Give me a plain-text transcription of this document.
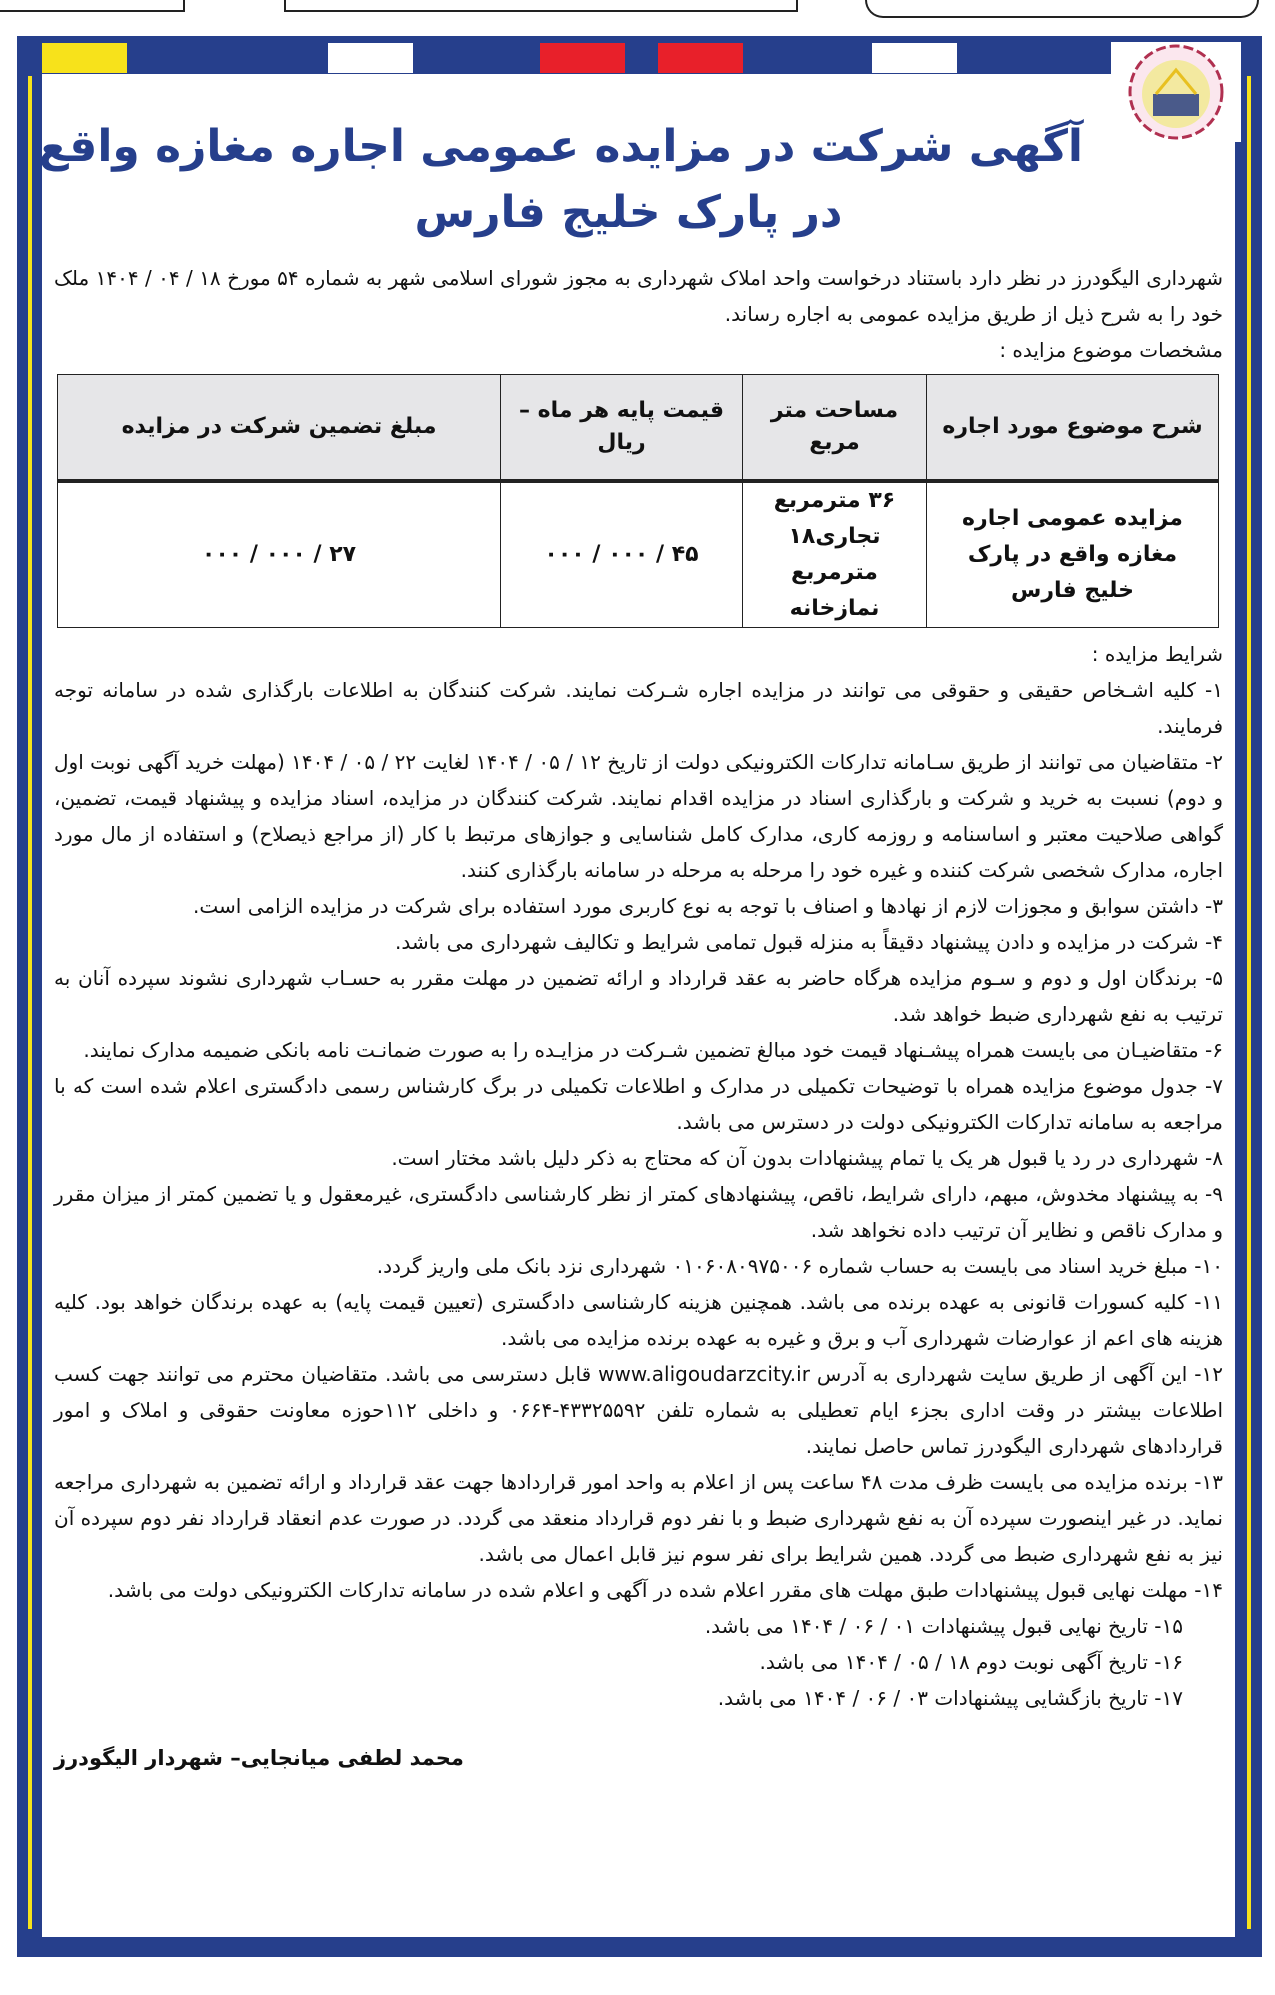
آگهی شرکت در مزایده عمومی اجاره مغازه واقع
در پارک خلیج فارس

شهرداری الیگودرز در نظر دارد باستناد درخواست واحد املاک شهرداری به مجوز شورای اسلامی شهر به شماره ۵۴ مورخ ۱۸ / ۰۴ / ۱۴۰۴ ملک خود را به شرح ذیل از طریق مزایده عمومی به اجاره رساند.

مشخصات موضوع مزایده :

شرح موضوع مورد اجاره	مساحت متر مربع	قیمت پایه هر ماه – ریال	مبلغ تضمین شرکت در مزایده
مزایده عمومی اجاره مغازه واقع در پارک خلیج فارس	۳۶ مترمربع تجاری۱۸ مترمربع نمازخانه	۴۵ / ۰۰۰ / ۰۰۰	۲۷ / ۰۰۰ / ۰۰۰

شرایط مزایده :

۱- کلیه اشـخاص حقیقی و حقوقی می توانند در مزایده اجاره شـرکت نمایند. شرکت کنندگان به اطلاعات بارگذاری شده در سامانه توجه فرمایند.

۲- متقاضیان می توانند از طریق سـامانه تدارکات الکترونیکی دولت از تاریخ ۱۲ / ۰۵ / ۱۴۰۴ لغایت ۲۲ / ۰۵ / ۱۴۰۴ (مهلت خرید آگهی نوبت اول و دوم) نسبت به خرید و شرکت و بارگذاری اسناد در مزایده اقدام نمایند. شرکت کنندگان در مزایده، اسناد مزایده و پیشنهاد قیمت، تضمین، گواهی صلاحیت معتبر و اساسنامه و روزمه کاری، مدارک کامل شناسایی و جوازهای مرتبط با کار (از مراجع ذیصلاح) و استفاده از مال مورد اجاره، مدارک شخصی شرکت کننده و غیره خود را مرحله به مرحله در سامانه بارگذاری کنند.

۳- داشتن سوابق و مجوزات لازم از نهادها و اصناف با توجه به نوع کاربری مورد استفاده برای شرکت در مزایده الزامی است.

۴- شرکت در مزایده و دادن پیشنهاد دقیقاً به منزله قبول تمامی شرایط و تکالیف شهرداری می باشد.

۵- برندگان اول و دوم و سـوم مزایده هرگاه حاضر به عقد قرارداد و ارائه تضمین در مهلت مقرر به حسـاب شهرداری نشوند سپرده آنان به ترتیب به نفع شهرداری ضبط خواهد شد.

۶- متقاضیـان می بایست همراه پیشـنهاد قیمت خود مبالغ تضمین شـرکت در مزایـده را به صورت ضمانـت نامه بانکی ضمیمه مدارک نمایند.

۷- جدول موضوع مزایده همراه با توضیحات تکمیلی در مدارک و اطلاعات تکمیلی در برگ کارشناس رسمی دادگستری اعلام شده است که با مراجعه به سامانه تدارکات الکترونیکی دولت در دسترس می باشد.

۸- شهرداری در رد یا قبول هر یک یا تمام پیشنهادات بدون آن که محتاج به ذکر دلیل باشد مختار است.

۹- به پیشنهاد مخدوش، مبهم، دارای شرایط، ناقص، پیشنهادهای کمتر از نظر کارشناسی دادگستری، غیرمعقول و یا تضمین کمتر از میزان مقرر و مدارک ناقص و نظایر آن ترتیب داده نخواهد شد.

۱۰- مبلغ خرید اسناد می بایست به حساب شماره ۰۱۰۶۰۸۰۹۷۵۰۰۶ شهرداری نزد بانک ملی واریز گردد.

۱۱- کلیه کسورات قانونی به عهده برنده می باشد. همچنین هزینه کارشناسی دادگستری (تعیین قیمت پایه) به عهده برندگان خواهد بود. کلیه هزینه های اعم از عوارضات شهرداری آب و برق و غیره به عهده برنده مزایده می باشد.

۱۲- این آگهی از طریق سایت شهرداری به آدرس www.aligoudarzcity.ir قابل دسترسی می باشد. متقاضیان محترم می توانند جهت کسب اطلاعات بیشتر در وقت اداری بجزء ایام تعطیلی به شماره تلفن ۴۳۳۲۵۵۹۲-۰۶۶۴ و داخلی ۱۱۲حوزه معاونت حقوقی و املاک و امور قراردادهای شهرداری الیگودرز تماس حاصل نمایند.

۱۳- برنده مزایده می بایست ظرف مدت ۴۸ ساعت پس از اعلام به واحد امور قراردادها جهت عقد قرارداد و ارائه تضمین به شهرداری مراجعه نماید. در غیر اینصورت سپرده آن به نفع شهرداری ضبط و با نفر دوم قرارداد منعقد می گردد. در صورت عدم انعقاد قرارداد نفر دوم سپرده آن نیز به نفع شهرداری ضبط می گردد. همین شرایط برای نفر سوم نیز قابل اعمال می باشد.

۱۴- مهلت نهایی قبول پیشنهادات طبق مهلت های مقرر اعلام شده در آگهی و اعلام شده در سامانه تدارکات الکترونیکی دولت می باشد.

۱۵- تاریخ نهایی قبول پیشنهادات ۰۱ / ۰۶ / ۱۴۰۴ می باشد.

۱۶- تاریخ آگهی نوبت دوم ۱۸ / ۰۵ / ۱۴۰۴ می باشد.

۱۷- تاریخ بازگشایی پیشنهادات ۰۳ / ۰۶ / ۱۴۰۴ می باشد.

محمد لطفی میانجایی– شهردار الیگودرز
